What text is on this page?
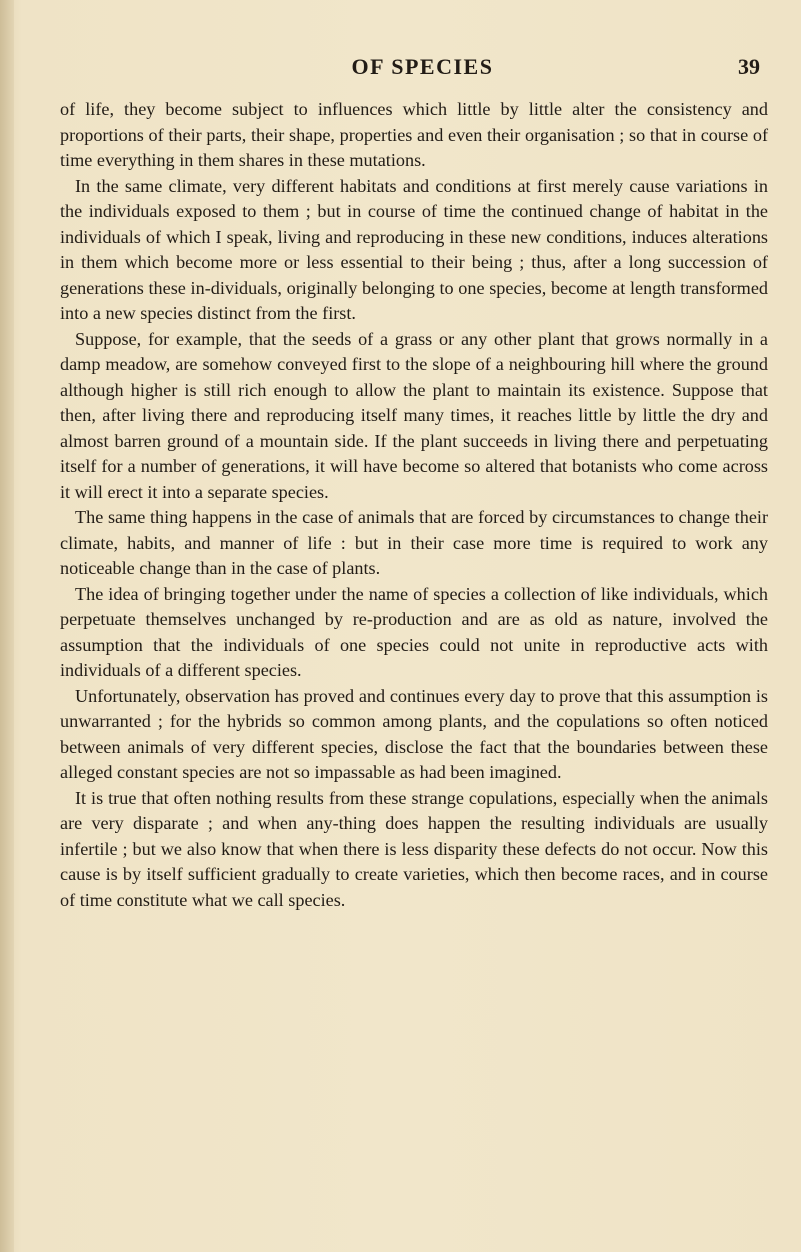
OF SPECIES	39

of life, they become subject to influences which little by little alter the consistency and proportions of their parts, their shape, properties and even their organisation ; so that in course of time everything in them shares in these mutations.

In the same climate, very different habitats and conditions at first merely cause variations in the individuals exposed to them ; but in course of time the continued change of habitat in the individuals of which I speak, living and reproducing in these new conditions, induces alterations in them which become more or less essential to their being ; thus, after a long succession of generations these in-dividuals, originally belonging to one species, become at length transformed into a new species distinct from the first.

Suppose, for example, that the seeds of a grass or any other plant that grows normally in a damp meadow, are somehow conveyed first to the slope of a neighbouring hill where the ground although higher is still rich enough to allow the plant to maintain its existence. Suppose that then, after living there and reproducing itself many times, it reaches little by little the dry and almost barren ground of a mountain side. If the plant succeeds in living there and perpetuating itself for a number of generations, it will have become so altered that botanists who come across it will erect it into a separate species.

The same thing happens in the case of animals that are forced by circumstances to change their climate, habits, and manner of life : but in their case more time is required to work any noticeable change than in the case of plants.

The idea of bringing together under the name of species a collection of like individuals, which perpetuate themselves unchanged by re-production and are as old as nature, involved the assumption that the individuals of one species could not unite in reproductive acts with individuals of a different species.

Unfortunately, observation has proved and continues every day to prove that this assumption is unwarranted ; for the hybrids so common among plants, and the copulations so often noticed between animals of very different species, disclose the fact that the boundaries between these alleged constant species are not so impassable as had been imagined.

It is true that often nothing results from these strange copulations, especially when the animals are very disparate ; and when any-thing does happen the resulting individuals are usually infertile ; but we also know that when there is less disparity these defects do not occur. Now this cause is by itself sufficient gradually to create varieties, which then become races, and in course of time constitute what we call species.
